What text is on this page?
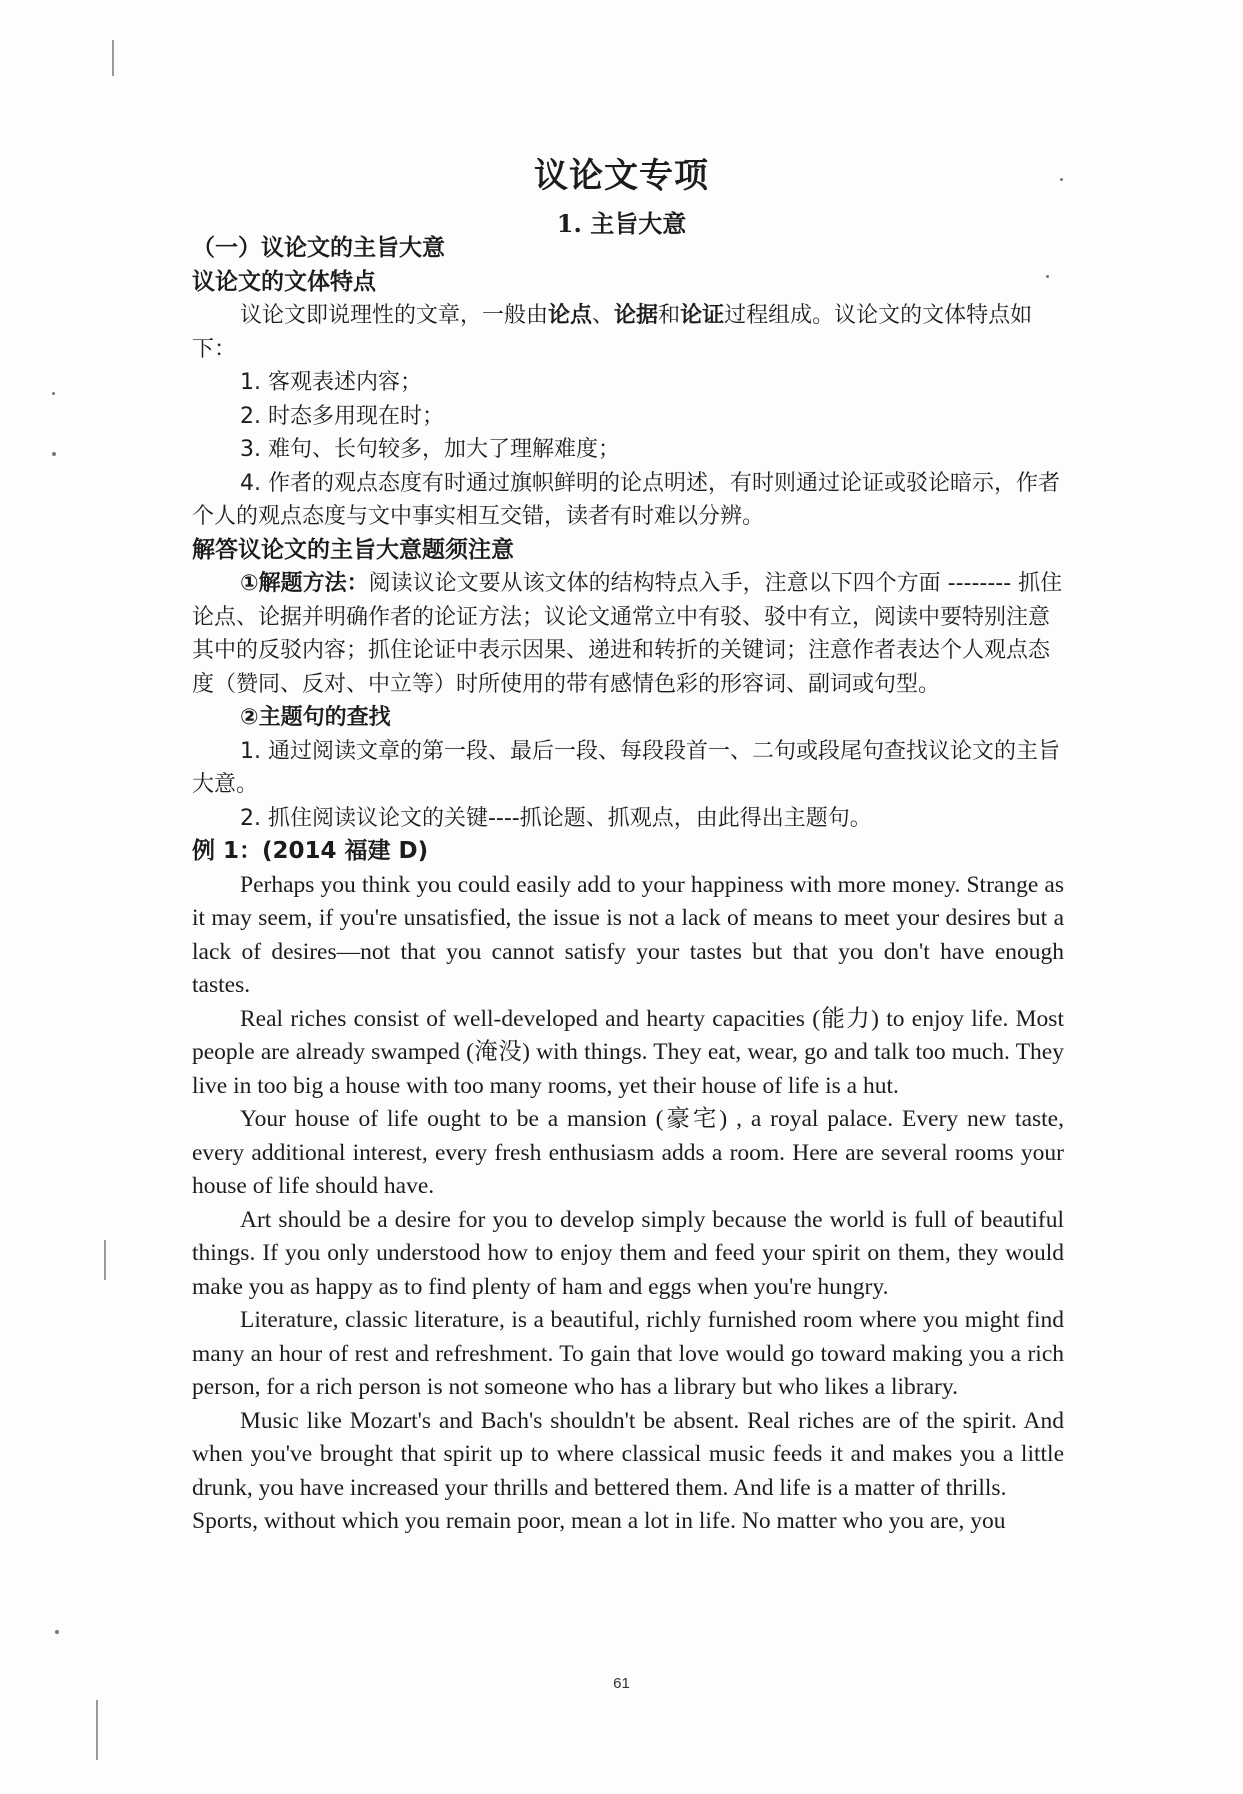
议论文专项
1. 主旨大意

（一）议论文的主旨大意

议论文的文体特点

议论文即说理性的文章，一般由论点、论据和论证过程组成。议论文的文体特点如下：

1. 客观表述内容；

2. 时态多用现在时；

3. 难句、长句较多，加大了理解难度；

4. 作者的观点态度有时通过旗帜鲜明的论点明述，有时则通过论证或驳论暗示，作者个人的观点态度与文中事实相互交错，读者有时难以分辨。

解答议论文的主旨大意题须注意

①解题方法：阅读议论文要从该文体的结构特点入手，注意以下四个方面 -------- 抓住论点、论据并明确作者的论证方法；议论文通常立中有驳、驳中有立，阅读中要特别注意其中的反驳内容；抓住论证中表示因果、递进和转折的关键词；注意作者表达个人观点态度（赞同、反对、中立等）时所使用的带有感情色彩的形容词、副词或句型。

②主题句的查找

1. 通过阅读文章的第一段、最后一段、每段段首一、二句或段尾句查找议论文的主旨大意。

2. 抓住阅读议论文的关键----抓论题、抓观点，由此得出主题句。

例 1：(2014 福建 D)

Perhaps you think you could easily add to your happiness with more money. Strange as it may seem, if you're unsatisfied, the issue is not a lack of means to meet your desires but a lack of desires—not that you cannot satisfy your tastes but that you don't have enough tastes.

Real riches consist of well-developed and hearty capacities (能力) to enjoy life. Most people are already swamped (淹没) with things. They eat, wear, go and talk too much. They live in too big a house with too many rooms, yet their house of life is a hut.

Your house of life ought to be a mansion (豪宅) , a royal palace. Every new taste, every additional interest, every fresh enthusiasm adds a room. Here are several rooms your house of life should have.

Art should be a desire for you to develop simply because the world is full of beautiful things. If you only understood how to enjoy them and feed your spirit on them, they would make you as happy as to find plenty of ham and eggs when you're hungry.

Literature, classic literature, is a beautiful, richly furnished room where you might find many an hour of rest and refreshment. To gain that love would go toward making you a rich person, for a rich person is not someone who has a library but who likes a library.

Music like Mozart's and Bach's shouldn't be absent. Real riches are of the spirit. And when you've brought that spirit up to where classical music feeds it and makes you a little drunk, you have increased your thrills and bettered them. And life is a matter of thrills.

Sports, without which you remain poor, mean a lot in life. No matter who you are, you

61
